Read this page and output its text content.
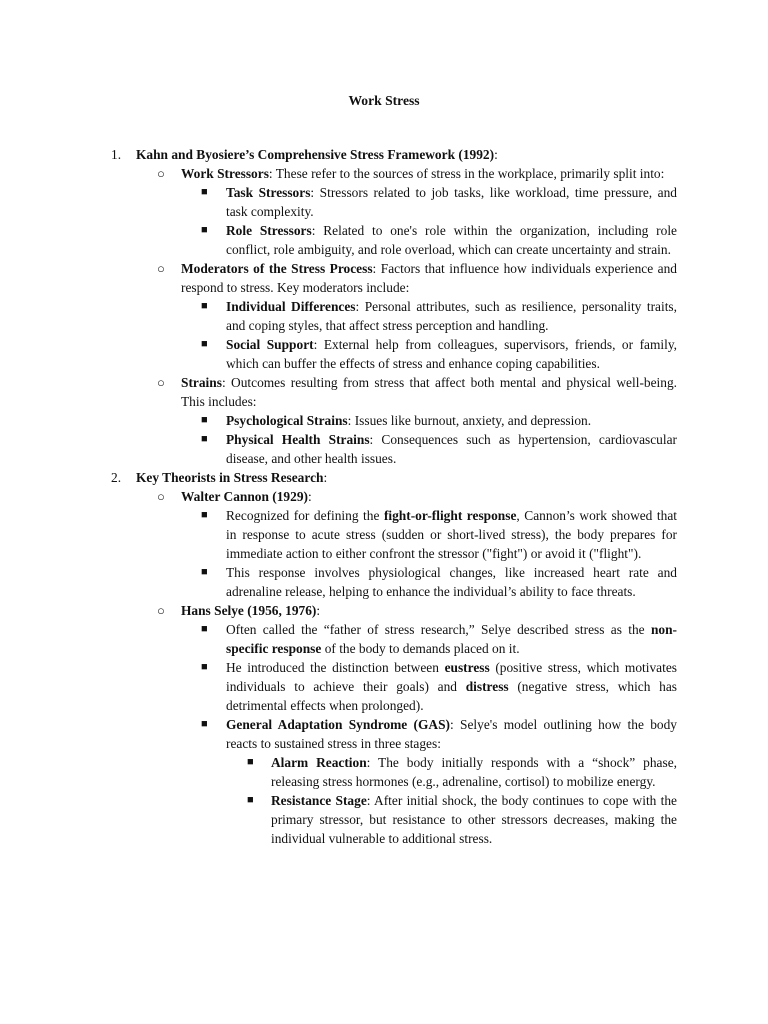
Work Stress
1. Kahn and Byosiere’s Comprehensive Stress Framework (1992):
○ Work Stressors: These refer to the sources of stress in the workplace, primarily split into:
■ Task Stressors: Stressors related to job tasks, like workload, time pressure, and task complexity.
■ Role Stressors: Related to one's role within the organization, including role conflict, role ambiguity, and role overload, which can create uncertainty and strain.
○ Moderators of the Stress Process: Factors that influence how individuals experience and respond to stress. Key moderators include:
■ Individual Differences: Personal attributes, such as resilience, personality traits, and coping styles, that affect stress perception and handling.
■ Social Support: External help from colleagues, supervisors, friends, or family, which can buffer the effects of stress and enhance coping capabilities.
○ Strains: Outcomes resulting from stress that affect both mental and physical well-being. This includes:
■ Psychological Strains: Issues like burnout, anxiety, and depression.
■ Physical Health Strains: Consequences such as hypertension, cardiovascular disease, and other health issues.
2. Key Theorists in Stress Research:
○ Walter Cannon (1929):
■ Recognized for defining the fight-or-flight response, Cannon’s work showed that in response to acute stress (sudden or short-lived stress), the body prepares for immediate action to either confront the stressor ("fight") or avoid it ("flight").
■ This response involves physiological changes, like increased heart rate and adrenaline release, helping to enhance the individual’s ability to face threats.
○ Hans Selye (1956, 1976):
■ Often called the “father of stress research,” Selye described stress as the non-specific response of the body to demands placed on it.
■ He introduced the distinction between eustress (positive stress, which motivates individuals to achieve their goals) and distress (negative stress, which has detrimental effects when prolonged).
■ General Adaptation Syndrome (GAS): Selye's model outlining how the body reacts to sustained stress in three stages:
■ Alarm Reaction: The body initially responds with a “shock” phase, releasing stress hormones (e.g., adrenaline, cortisol) to mobilize energy.
■ Resistance Stage: After initial shock, the body continues to cope with the primary stressor, but resistance to other stressors decreases, making the individual vulnerable to additional stress.
